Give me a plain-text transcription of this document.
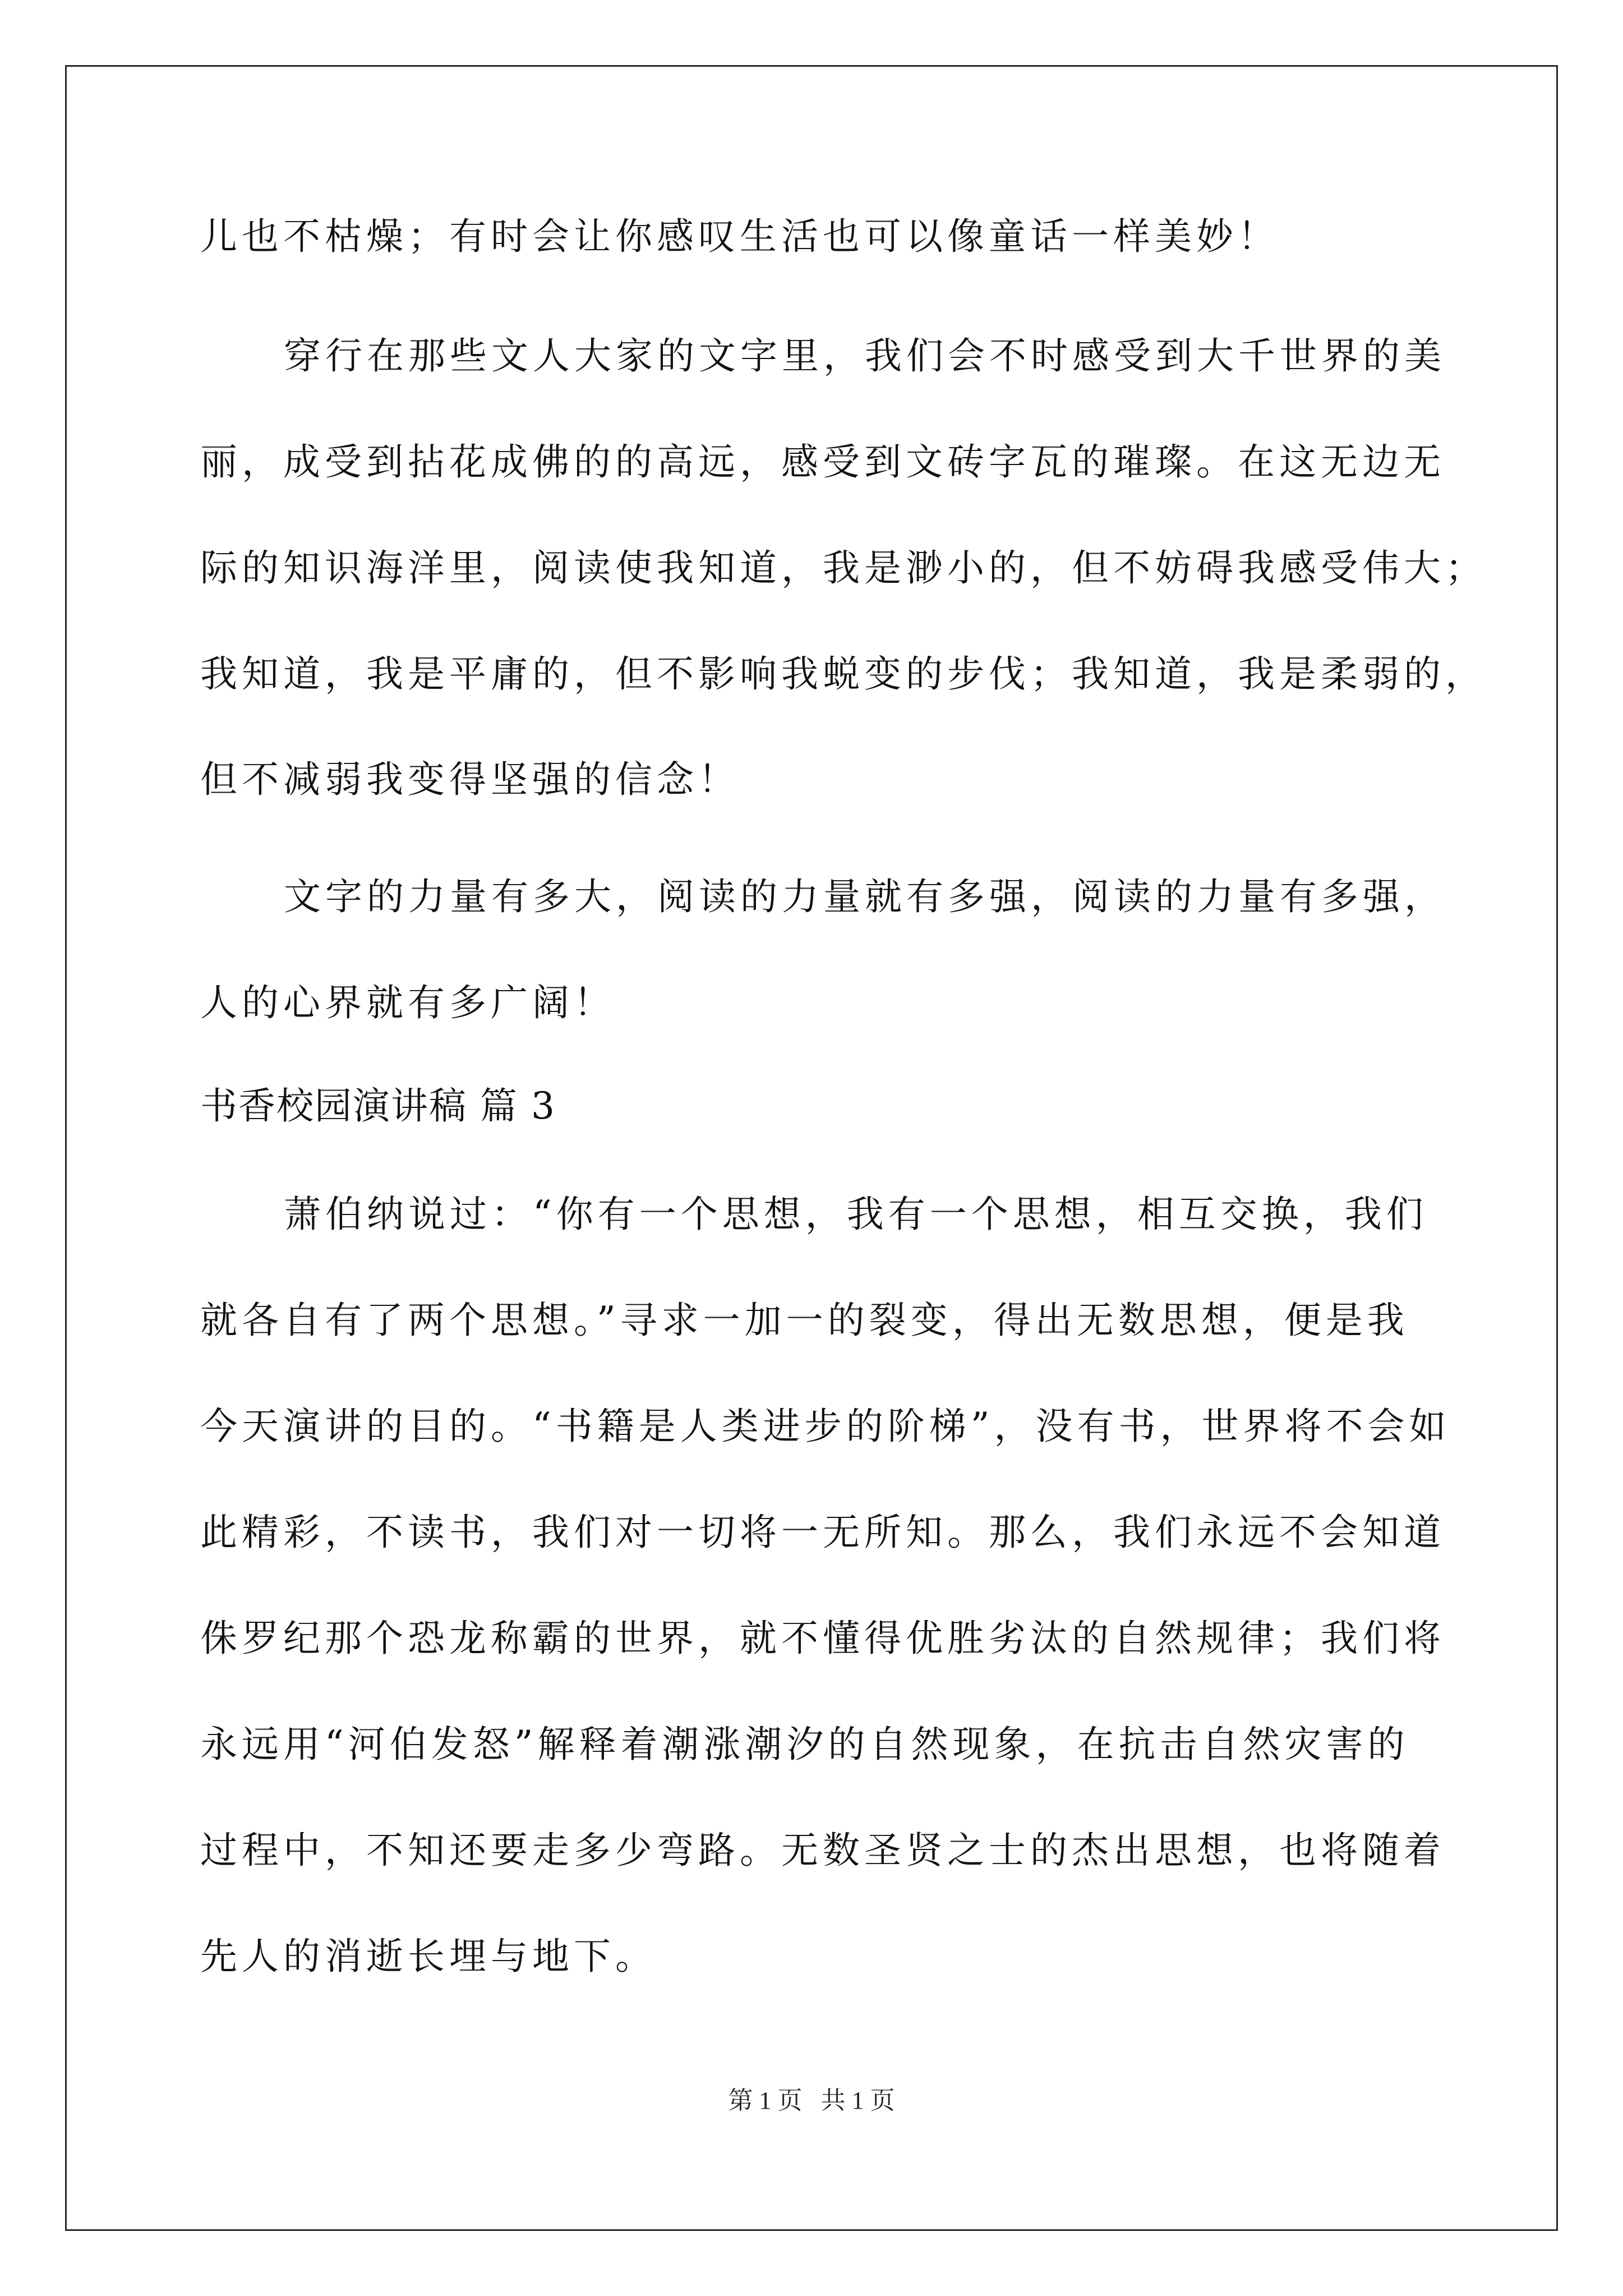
儿也不枯燥；有时会让你感叹生活也可以像童话一样美妙！
穿行在那些文人大家的文字里，我们会不时感受到大千世界的美
丽，成受到拈花成佛的的高远，感受到文砖字瓦的璀璨。在这无边无
际的知识海洋里，阅读使我知道，我是渺小的，但不妨碍我感受伟大；
我知道，我是平庸的，但不影响我蜕变的步伐；我知道，我是柔弱的，
但不减弱我变得坚强的信念！
文字的力量有多大，阅读的力量就有多强，阅读的力量有多强，
人的心界就有多广阔！
书香校园演讲稿 篇 3
萧伯纳说过：“你有一个思想，我有一个思想，相互交换，我们
就各自有了两个思想。”寻求一加一的裂变，得出无数思想，便是我
今天演讲的目的。“书籍是人类进步的阶梯”，没有书，世界将不会如
此精彩，不读书，我们对一切将一无所知。那么，我们永远不会知道
侏罗纪那个恐龙称霸的世界，就不懂得优胜劣汰的自然规律；我们将
永远用“河伯发怒”解释着潮涨潮汐的自然现象，在抗击自然灾害的
过程中，不知还要走多少弯路。无数圣贤之士的杰出思想，也将随着
先人的消逝长埋与地下。
第 1 页   共 1 页
